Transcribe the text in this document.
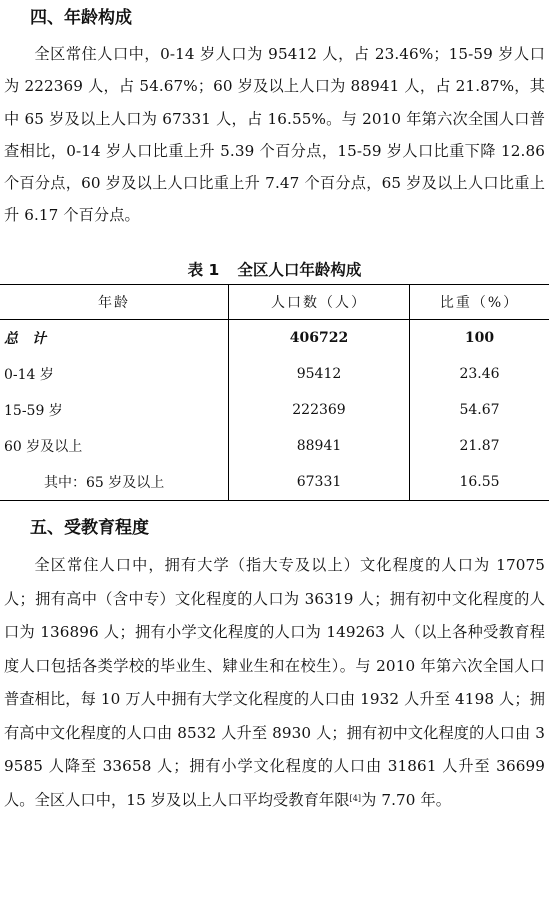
四、年龄构成

全区常住人口中，0-14 岁人口为 95412 人，占 23.46%；15-59 岁人口为 222369 人，占 54.67%；60 岁及以上人口为 88941 人，占 21.87%，其中 65 岁及以上人口为 67331 人，占 16.55%。与 2010 年第六次全国人口普查相比，0-14 岁人口比重上升 5.39 个百分点，15-59 岁人口比重下降 12.86 个百分点，60 岁及以上人口比重上升 7.47 个百分点，65 岁及以上人口比重上升 6.17 个百分点。

表 1 全区人口年龄构成
年龄	人口数（人）	比重（%）
总计	406722	100
0-14 岁	95412	23.46
15-59 岁	222369	54.67
60 岁及以上	88941	21.87
其中：65 岁及以上	67331	16.55
五、受教育程度

全区常住人口中，拥有大学（指大专及以上）文化程度的人口为 17075 人；拥有高中（含中专）文化程度的人口为 36319 人；拥有初中文化程度的人口为 136896 人；拥有小学文化程度的人口为 149263 人（以上各种受教育程度人口包括各类学校的毕业生、肄业生和在校生）。与 2010 年第六次全国人口普查相比，每 10 万人中拥有大学文化程度的人口由 1932 人升至 4198 人；拥有高中文化程度的人口由 8532 人升至 8930 人；拥有初中文化程度的人口由 39585 人降至 33658 人；拥有小学文化程度的人口由 31861 人升至 36699 人。全区人口中，15 岁及以上人口平均受教育年限[4]为 7.70 年。
